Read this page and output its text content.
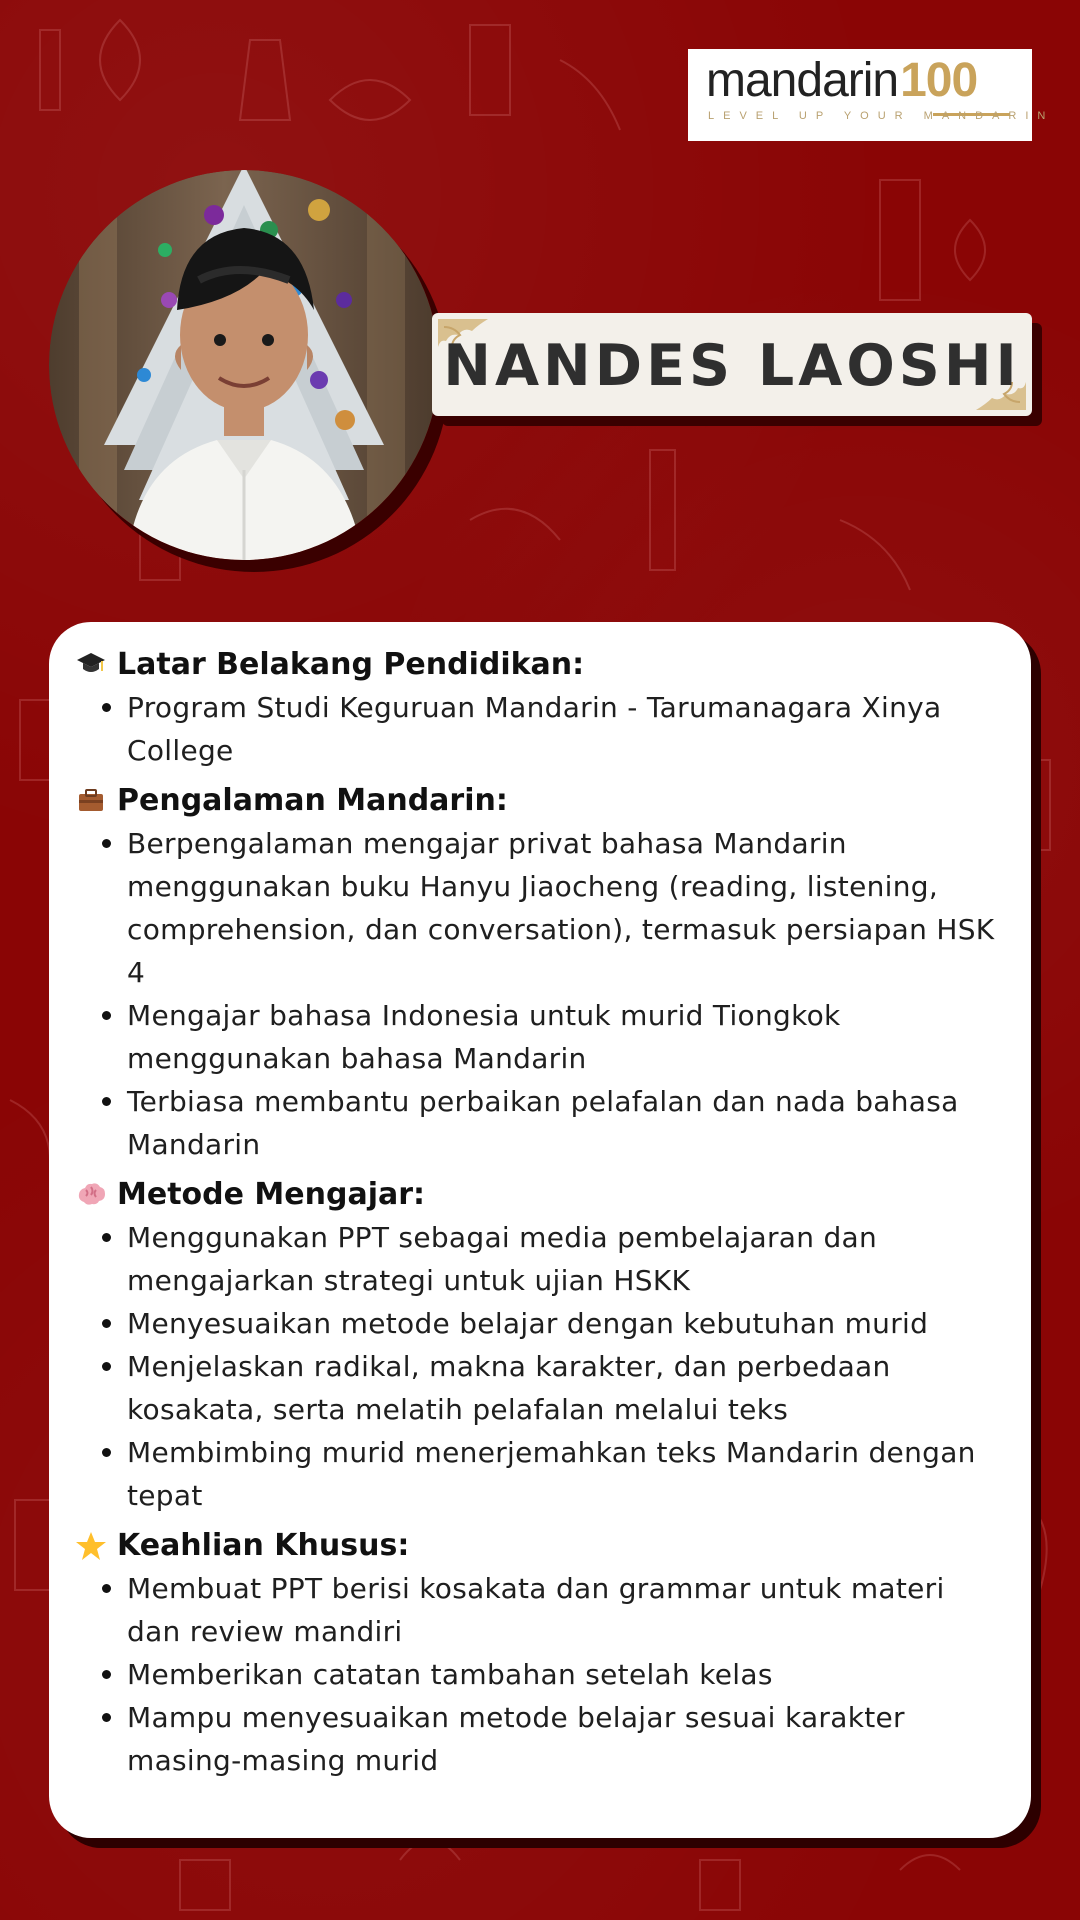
mandarin100
LEVEL UP YOUR MANDARIN
NANDES LAOSHI
Latar Belakang Pendidikan:
• Program Studi Keguruan Mandarin - Tarumanagara Xinya College
Pengalaman Mandarin:
• Berpengalaman mengajar privat bahasa Mandarin menggunakan buku Hanyu Jiaocheng (reading, listening, comprehension, dan conversation), termasuk persiapan HSK 4
• Mengajar bahasa Indonesia untuk murid Tiongkok menggunakan bahasa Mandarin
• Terbiasa membantu perbaikan pelafalan dan nada bahasa Mandarin
Metode Mengajar:
• Menggunakan PPT sebagai media pembelajaran dan mengajarkan strategi untuk ujian HSKK
• Menyesuaikan metode belajar dengan kebutuhan murid
• Menjelaskan radikal, makna karakter, dan perbedaan kosakata, serta melatih pelafalan melalui teks
• Membimbing murid menerjemahkan teks Mandarin dengan tepat
Keahlian Khusus:
• Membuat PPT berisi kosakata dan grammar untuk materi dan review mandiri
• Memberikan catatan tambahan setelah kelas
• Mampu menyesuaikan metode belajar sesuai karakter masing-masing murid
